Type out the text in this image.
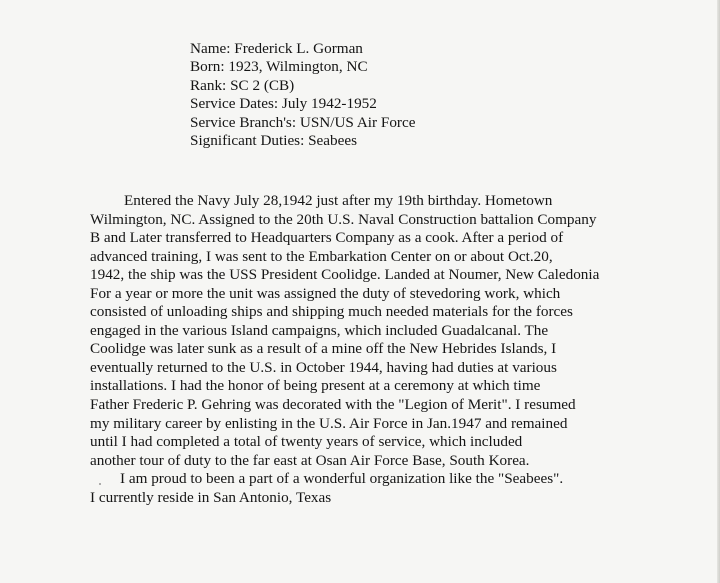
Name: Frederick L. Gorman
Born: 1923, Wilmington, NC
Rank: SC 2 (CB)
Service Dates: July 1942-1952
Service Branch's: USN/US Air Force
Significant Duties: Seabees
Entered the Navy July 28,1942 just after my 19th birthday. Hometown
Wilmington, NC. Assigned to the 20th U.S. Naval Construction battalion Company
B and Later transferred to Headquarters Company as a cook. After a period of
advanced training, I was sent to the Embarkation Center on or about Oct.20,
1942, the ship was the USS President Coolidge. Landed at Noumer, New Caledonia
For a year or more the unit was assigned the duty of stevedoring work, which
consisted of unloading ships and shipping much needed materials for the forces
engaged in the various Island campaigns, which included Guadalcanal. The
Coolidge was later sunk as a result of a mine off the New Hebrides Islands, I
eventually returned to the U.S. in October 1944, having had duties at various
installations. I had the honor of being present at a ceremony at which time
Father Frederic P. Gehring was decorated with the "Legion of Merit". I resumed
my military career by enlisting in the U.S. Air Force in Jan.1947 and remained
until I had completed a total of twenty years of service, which included
another tour of duty to the far east at Osan Air Force Base, South Korea.
I am proud to been a part of a wonderful organization like the "Seabees".
I currently reside in San Antonio, Texas
